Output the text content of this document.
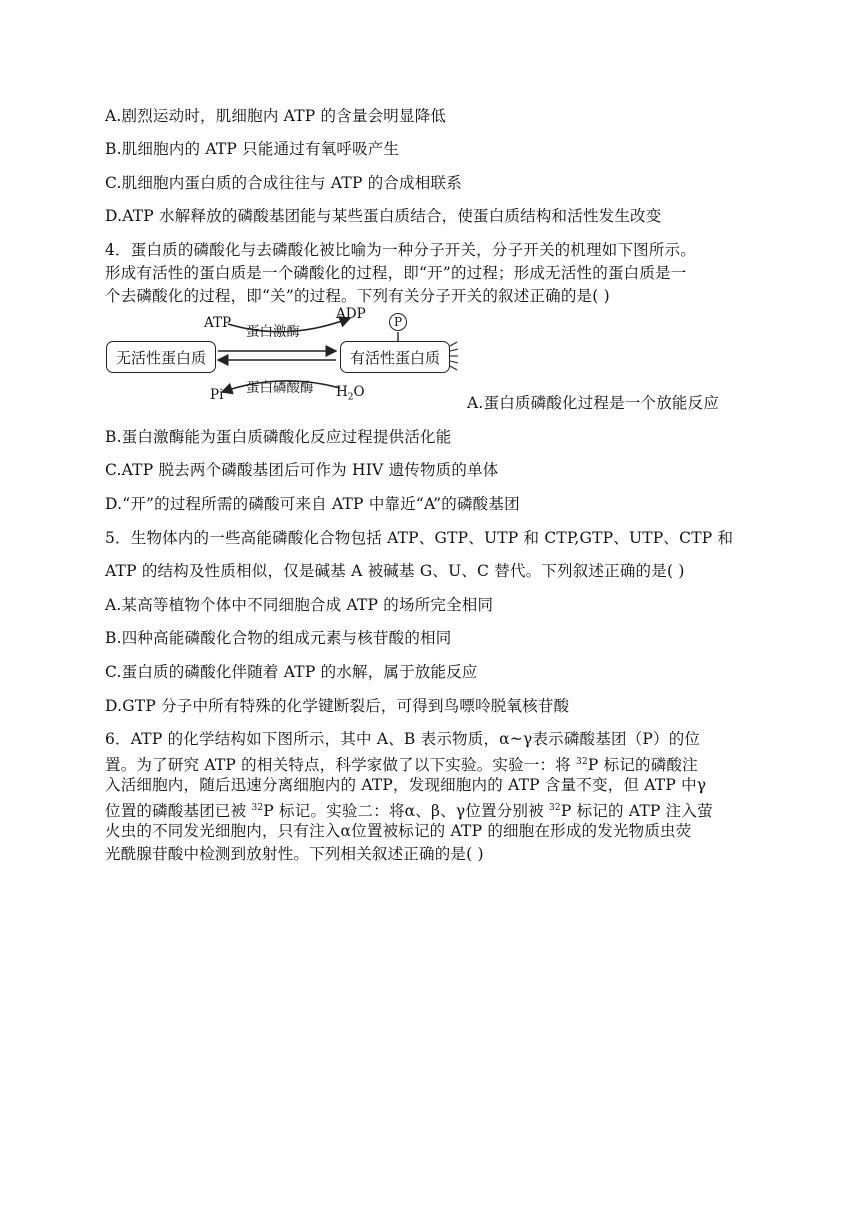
A.剧烈运动时，肌细胞内 ATP 的含量会明显降低
B.肌细胞内的 ATP 只能通过有氧呼吸产生
C.肌细胞内蛋白质的合成往往与 ATP 的合成相联系
D.ATP 水解释放的磷酸基团能与某些蛋白质结合，使蛋白质结构和活性发生改变
4．蛋白质的磷酸化与去磷酸化被比喻为一种分子开关，分子开关的机理如下图所示。
形成有活性的蛋白质是一个磷酸化的过程，即“开”的过程；形成无活性的蛋白质是一
个去磷酸化的过程，即“关”的过程。下列有关分子开关的叙述正确的是( )
无活性蛋白质	有活性蛋白质
ATP
蛋白激酶
ADP	P
Pi 蛋白磷酸酶 $H_2O$
A.蛋白质磷酸化过程是一个放能反应
B.蛋白激酶能为蛋白质磷酸化反应过程提供活化能
C.ATP 脱去两个磷酸基团后可作为 HIV 遗传物质的单体
D.“开”的过程所需的磷酸可来自 ATP 中靠近“A”的磷酸基团
5．生物体内的一些高能磷酸化合物包括 ATP、GTP、UTP 和 CTP,GTP、UTP、CTP 和
ATP 的结构及性质相似，仅是碱基 A 被碱基 G、U、C 替代。下列叙述正确的是( )
A.某高等植物个体中不同细胞合成 ATP 的场所完全相同
B.四种高能磷酸化合物的组成元素与核苷酸的相同
C.蛋白质的磷酸化伴随着 ATP 的水解，属于放能反应
D.GTP 分子中所有特殊的化学键断裂后，可得到鸟嘌呤脱氧核苷酸
6．ATP 的化学结构如下图所示，其中 A、B 表示物质，α~γ表示磷酸基团（P）的位
置。为了研究 ATP 的相关特点，科学家做了以下实验。实验一：将 $^{32}$P 标记的磷酸注
入活细胞内，随后迅速分离细胞内的 ATP，发现细胞内的 ATP 含量不变，但 ATP 中γ
位置的磷酸基团已被 $^{32}$P 标记。实验二：将α、β、γ位置分别被 $^{32}$P 标记的 ATP 注入萤
火虫的不同发光细胞内，只有注入α位置被标记的 ATP 的细胞在形成的发光物质虫荧
光酰腺苷酸中检测到放射性。下列相关叙述正确的是( )
